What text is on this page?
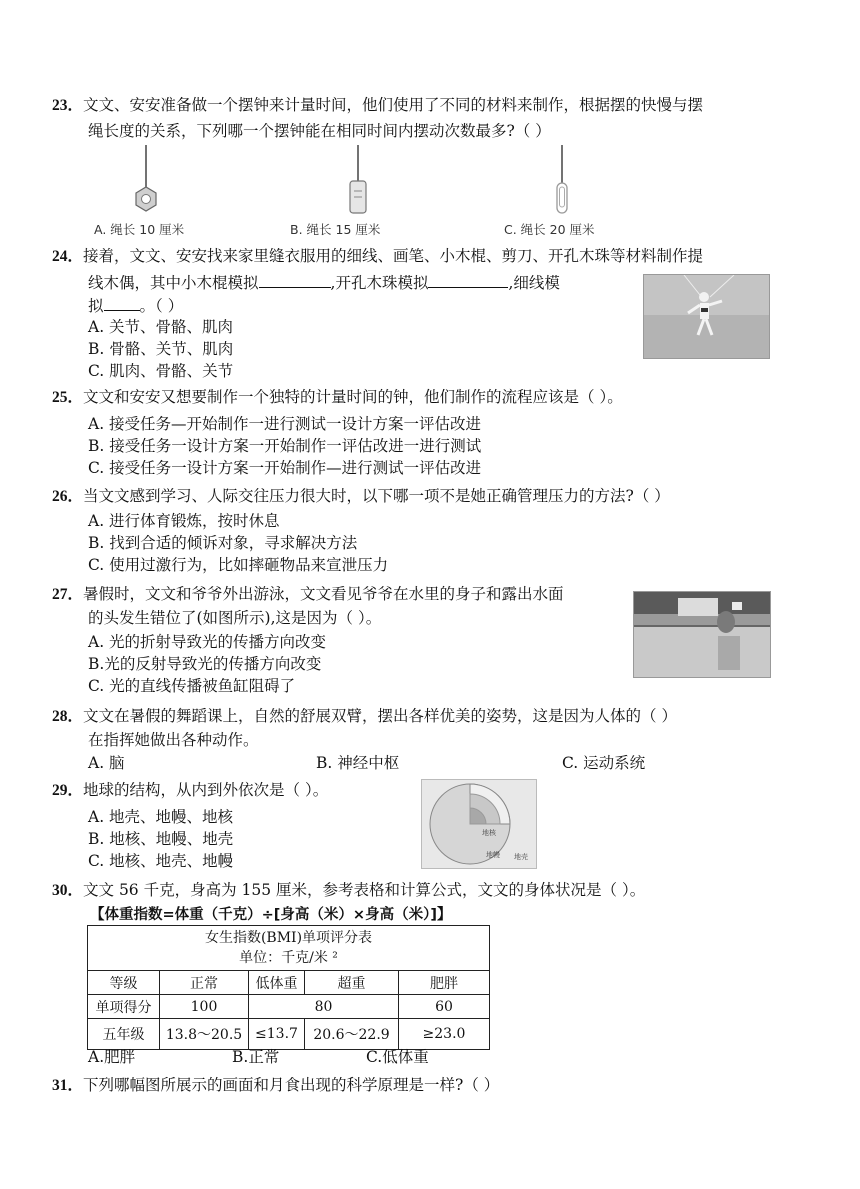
23．文文、安安准备做一个摆钟来计量时间，他们使用了不同的材料来制作，根据摆的快慢与摆
绳长度的关系，下列哪一个摆钟能在相同时间内摆动次数最多?（ ）
A. 绳长 10 厘米	B. 绳长 15 厘米	C. 绳长 20 厘米
24．接着，文文、安安找来家里缝衣服用的细线、画笔、小木棍、剪刀、开孔木珠等材料制作提
线木偶，其中小木棍模拟	,开孔木珠模拟	,细线模
拟 。（ ）
A. 关节、骨骼、肌肉
B. 骨骼、关节、肌肉
C. 肌肉、骨骼、关节
25．文文和安安又想要制作一个独特的计量时间的钟，他们制作的流程应该是（ ）。
A. 接受任务—开始制作一进行测试一设计方案一评估改进
B. 接受任务一设计方案一开始制作一评估改进一进行测试
C. 接受任务一设计方案一开始制作—进行测试一评估改进
26．当文文感到学习、人际交往压力很大时，以下哪一项不是她正确管理压力的方法?（ ）
A. 进行体育锻炼，按时休息
B. 找到合适的倾诉对象，寻求解决方法
C. 使用过激行为，比如摔砸物品来宣泄压力
27．暑假时，文文和爷爷外出游泳，文文看见爷爷在水里的身子和露出水面
的头发生错位了(如图所示),这是因为（ ）。
A. 光的折射导致光的传播方向改变
B.光的反射导致光的传播方向改变
C. 光的直线传播被鱼缸阻碍了
28．文文在暑假的舞蹈课上，自然的舒展双臂，摆出各样优美的姿势，这是因为人体的（ ）
在指挥她做出各种动作。
A. 脑	B. 神经中枢	C. 运动系统
29．地球的结构，从内到外依次是（ ）。
A. 地壳、地幔、地核
B. 地核、地幔、地壳
C. 地核、地壳、地幔
地核
地幔 地壳
30．文文 56 千克，身高为 155 厘米，参考表格和计算公式，文文的身体状况是（ ）。
【体重指数=体重（千克）÷[身高（米）×身高（米）]】
女生指数(BMI)单项评分表
单位：千克/米 ²				

等级	正常	低体重	超重	肥胖
单项得分	100	80		60
五年级	13.8～20.5	≤13.7	20.6～22.9	≥23.0
A.肥胖	B.正常	C.低体重
31．下列哪幅图所展示的画面和月食出现的科学原理是一样?（ ）
